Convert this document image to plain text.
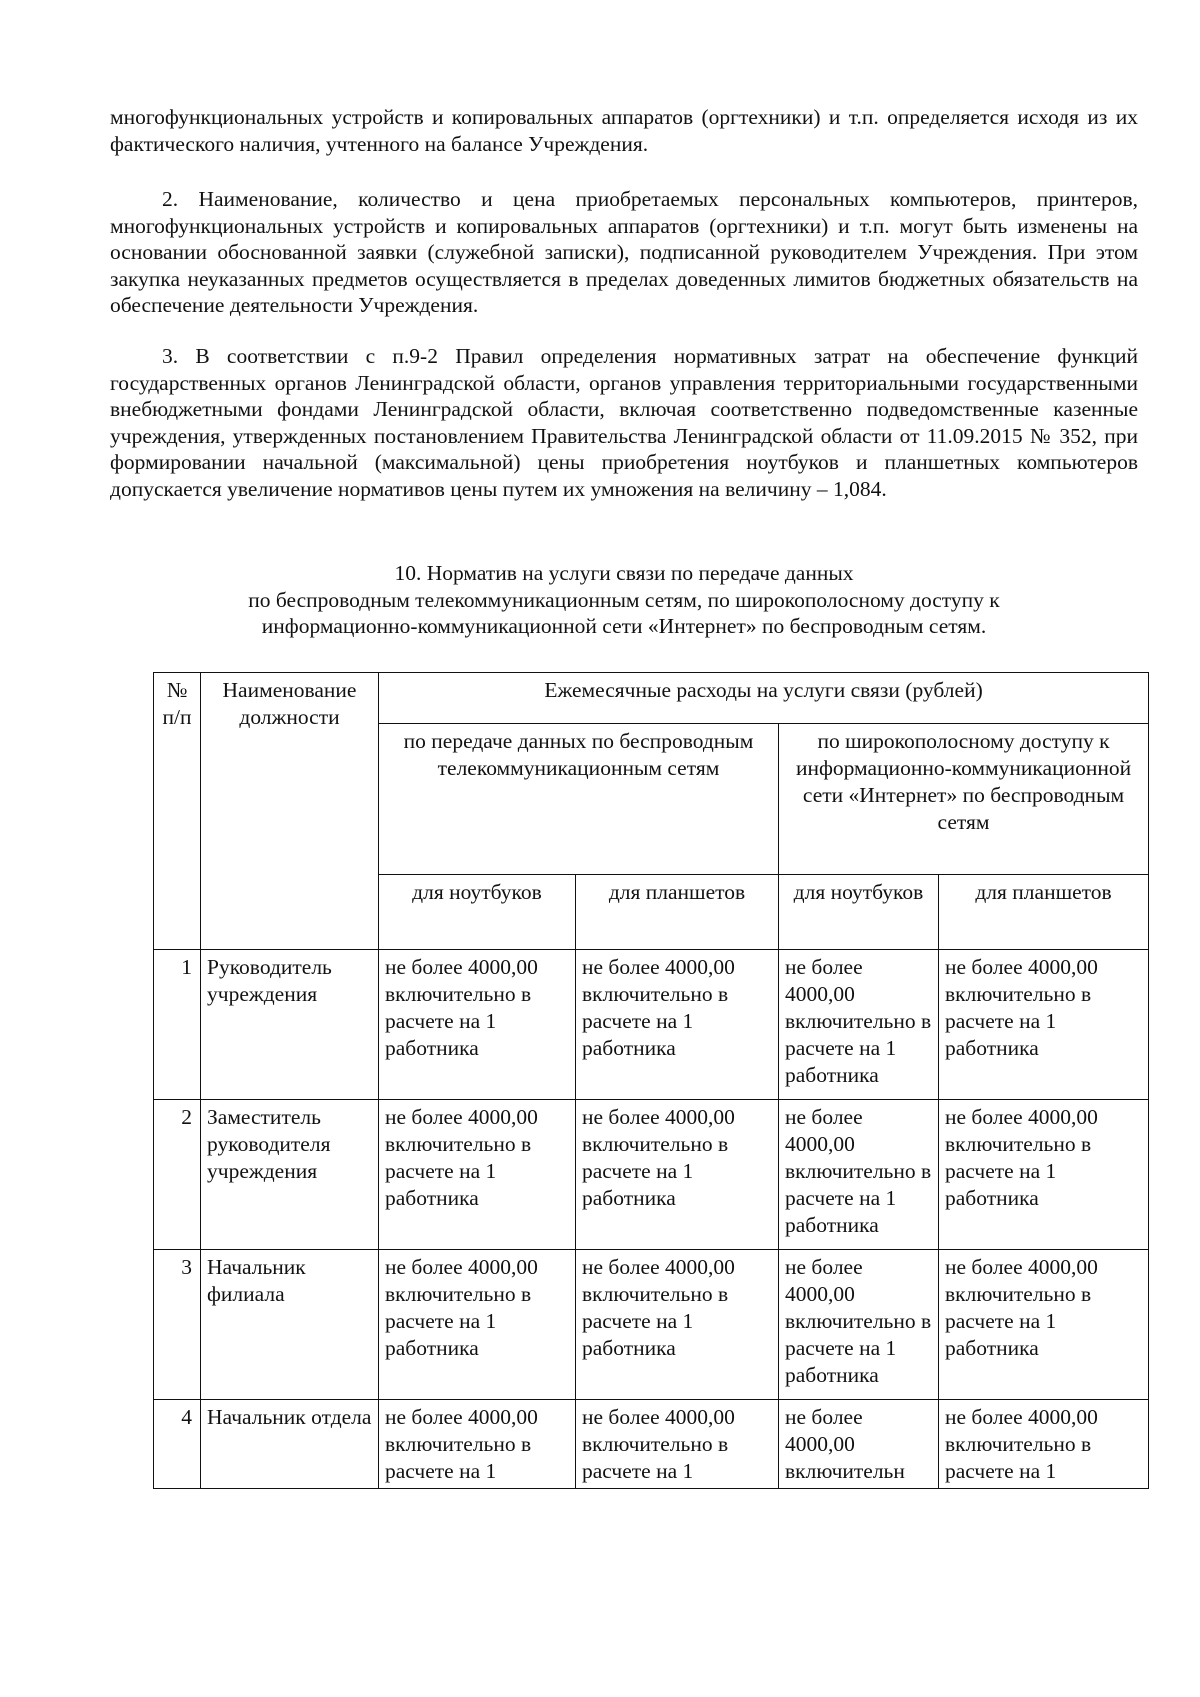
многофункциональных устройств и копировальных аппаратов (оргтехники) и т.п. определяется исходя из их фактического наличия, учтенного на балансе Учреждения.

2. Наименование, количество и цена приобретаемых персональных компьютеров, принтеров, многофункциональных устройств и копировальных аппаратов (оргтехники) и т.п. могут быть изменены на основании обоснованной заявки (служебной записки), подписанной руководителем Учреждения. При этом закупка неуказанных предметов осуществляется в пределах доведенных лимитов бюджетных обязательств на обеспечение деятельности Учреждения.

3. В соответствии с п.9-2 Правил определения нормативных затрат на обеспечение функций государственных органов Ленинградской области, органов управления территориальными государственными внебюджетными фондами Ленинградской области, включая соответственно подведомственные казенные учреждения, утвержденных постановлением Правительства Ленинградской области от 11.09.2015 № 352, при формировании начальной (максимальной) цены приобретения ноутбуков и планшетных компьютеров допускается увеличение нормативов цены путем их умножения на величину – 1,084.

10. Норматив на услуги связи по передаче данных
по беспроводным телекоммуникационным сетям, по широкополосному доступу к
информационно-коммуникационной сети «Интернет» по беспроводным сетям.
№ п/п	Наименование должности	Ежемесячные расходы на услуги связи (рублей)			
		по передаче данных по беспроводным телекоммуникационным сетям		по широкополосному доступу к информационно-коммуникационной сети «Интернет» по беспроводным сетям	
		для ноутбуков	для планшетов	для ноутбуков	для планшетов
1	Руководитель учреждения	не более 4000,00 включительно в расчете на 1 работника	не более 4000,00 включительно в расчете на 1 работника	не более 4000,00 включительно в расчете на 1 работника	не более 4000,00 включительно в расчете на 1 работника
2	Заместитель руководителя учреждения	не более 4000,00 включительно в расчете на 1 работника	не более 4000,00 включительно в расчете на 1 работника	не более 4000,00 включительно в расчете на 1 работника	не более 4000,00 включительно в расчете на 1 работника
3	Начальник филиала	не более 4000,00 включительно в расчете на 1 работника	не более 4000,00 включительно в расчете на 1 работника	не более 4000,00 включительно в расчете на 1 работника	не более 4000,00 включительно в расчете на 1 работника
4	Начальник отдела	не более 4000,00 включительно в расчете на 1	не более 4000,00 включительно в расчете на 1	не более 4000,00 включительн	не более 4000,00 включительно в расчете на 1
